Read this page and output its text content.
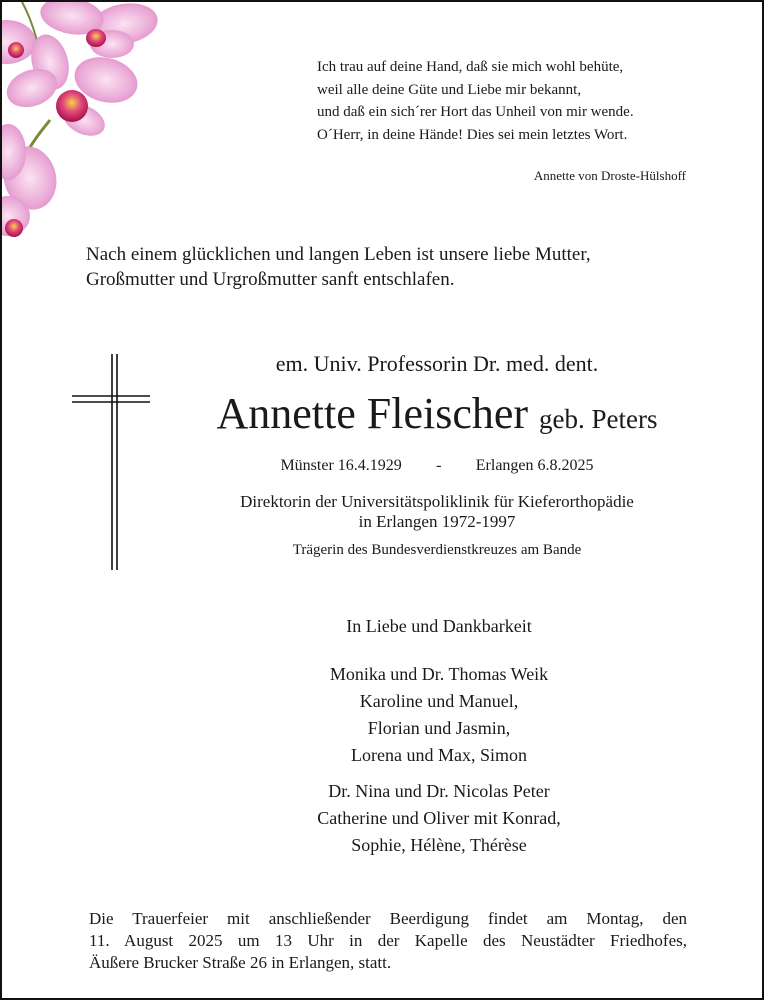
Ich trau auf deine Hand, daß sie mich wohl behüte,
weil alle deine Güte und Liebe mir bekannt,
und daß ein sich´rer Hort das Unheil von mir wende.
O´Herr, in deine Hände! Dies sei mein letztes Wort.
Annette von Droste-Hülshoff
Nach einem glücklichen und langen Leben ist unsere liebe Mutter,
Großmutter und Urgroßmutter sanft entschlafen.
em. Univ. Professorin Dr. med. dent.
Annette Fleischer geb. Peters
Münster 16.4.1929 - Erlangen 6.8.2025
Direktorin der Universitätspoliklinik für Kieferorthopädie
in Erlangen 1972-1997
Trägerin des Bundesverdienstkreuzes am Bande
In Liebe und Dankbarkeit
Monika und Dr. Thomas Weik
Karoline und Manuel,
Florian und Jasmin,
Lorena und Max, Simon
Dr. Nina und Dr. Nicolas Peter
Catherine und Oliver mit Konrad,
Sophie, Hélène, Thérèse
Die Trauerfeier mit anschließender Beerdigung findet am Montag, den
11. August 2025 um 13 Uhr in der Kapelle des Neustädter Friedhofes,
Äußere Brucker Straße 26 in Erlangen, statt.
